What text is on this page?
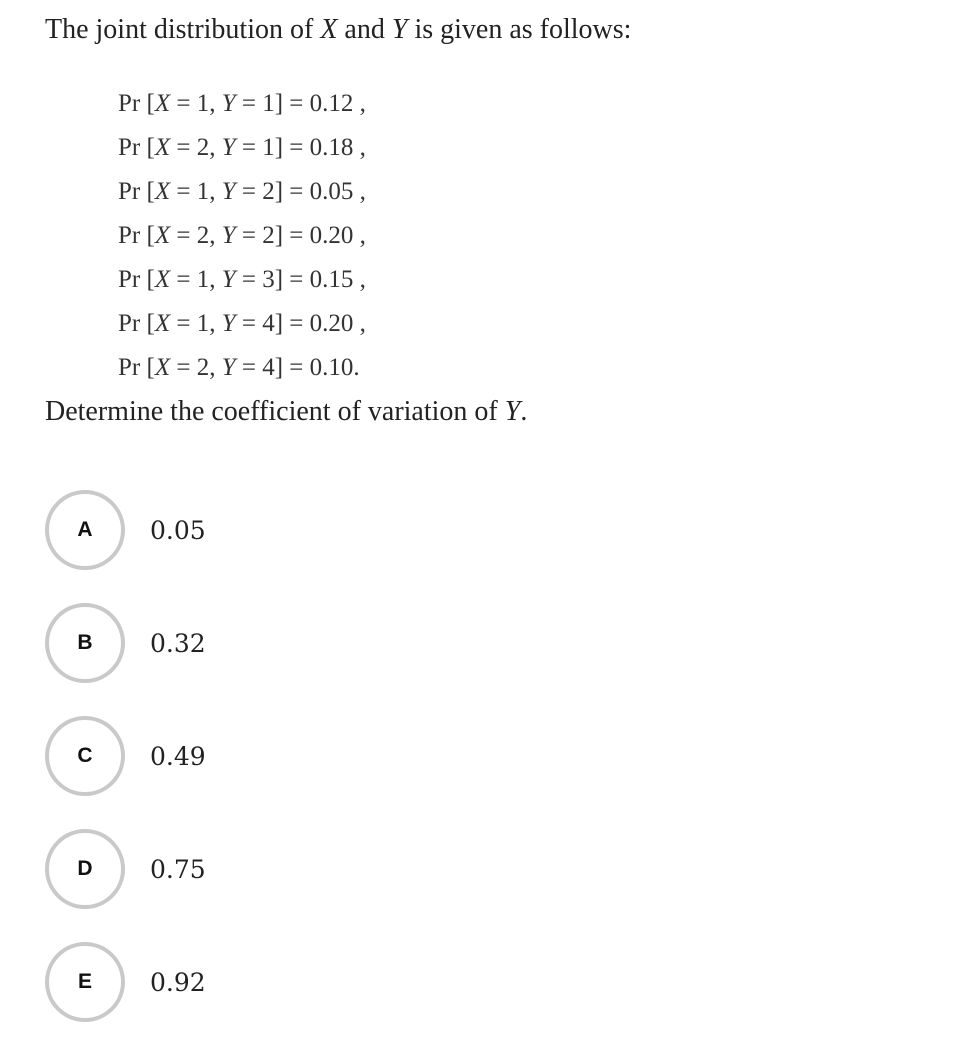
The joint distribution of X and Y is given as follows:

Pr [X = 1, Y = 1] = 0.12 ,
Pr [X = 2, Y = 1] = 0.18 ,
Pr [X = 1, Y = 2] = 0.05 ,
Pr [X = 2, Y = 2] = 0.20 ,
Pr [X = 1, Y = 3] = 0.15 ,
Pr [X = 1, Y = 4] = 0.20 ,
Pr [X = 2, Y = 4] = 0.10.

Determine the coefficient of variation of Y.

A	0.05
B	0.32
C	0.49
D	0.75
E	0.92
